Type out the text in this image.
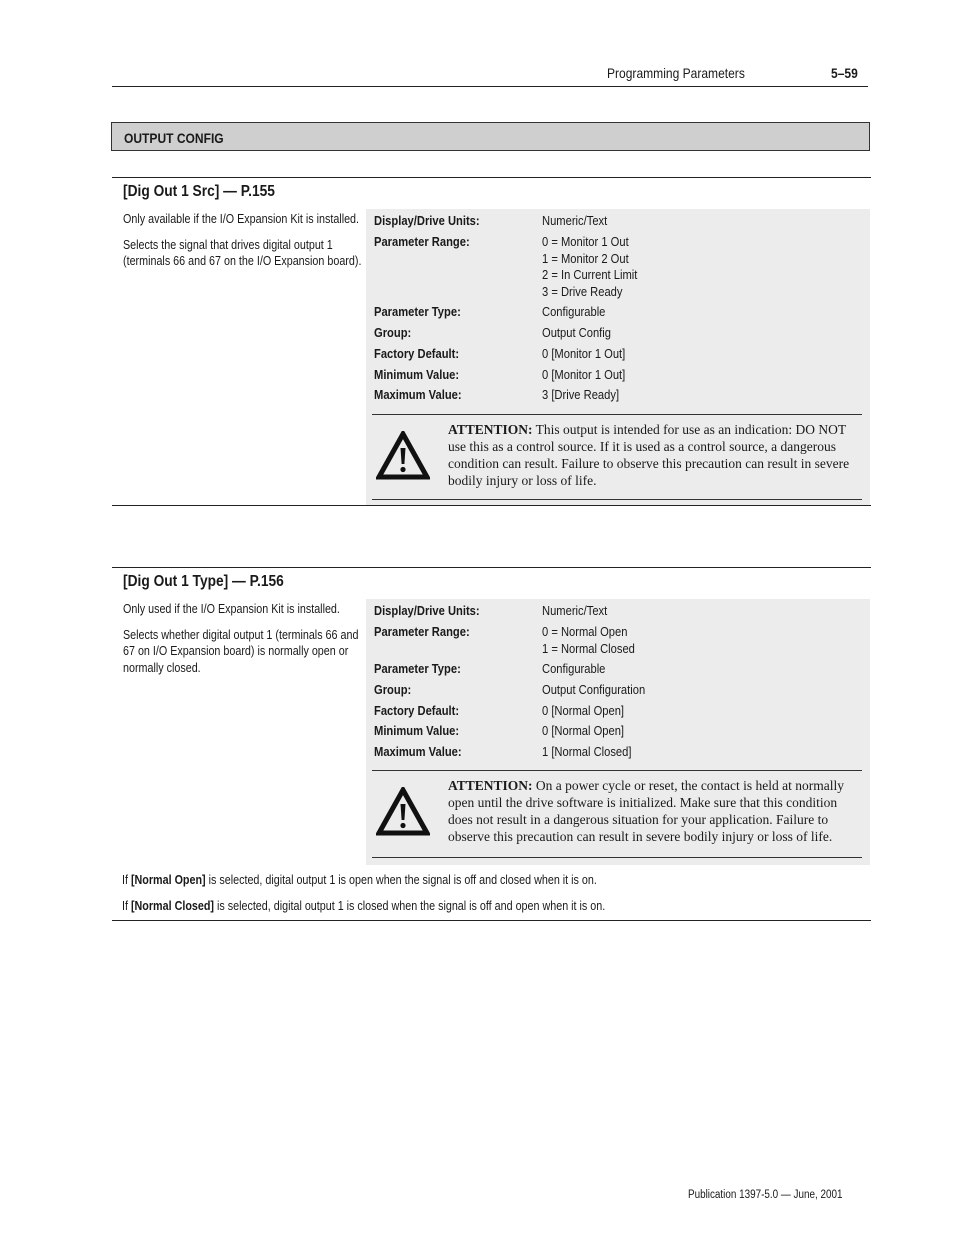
Programming Parameters	5–59
OUTPUT CONFIG
[Dig Out 1 Src] — P.155

Only available if the I/O Expansion Kit is installed.

Selects the signal that drives digital output 1 (terminals 66 and 67 on the I/O Expansion board).

Display/Drive Units:	Numeric/Text
Parameter Range:	0 = Monitor 1 Out
1 = Monitor 2 Out
2 = In Current Limit
3 = Drive Ready
Parameter Type:	Configurable
Group:	Output Config
Factory Default:	0 [Monitor 1 Out]
Minimum Value:	0 [Monitor 1 Out]
Maximum Value:	3 [Drive Ready]
ATTENTION: This output is intended for use as an indication: DO NOT use this as a control source. If it is used as a control source, a dangerous condition can result. Failure to observe this precaution can result in severe bodily injury or loss of life.
[Dig Out 1 Type] — P.156

Only used if the I/O Expansion Kit is installed.

Selects whether digital output 1 (terminals 66 and 67 on I/O Expansion board) is normally open or normally closed.

Display/Drive Units:	Numeric/Text
Parameter Range:	0 = Normal Open
1 = Normal Closed
Parameter Type:	Configurable
Group:	Output Configuration
Factory Default:	0 [Normal Open]
Minimum Value:	0 [Normal Open]
Maximum Value:	1 [Normal Closed]
ATTENTION: On a power cycle or reset, the contact is held at normally open until the drive software is initialized. Make sure that this condition does not result in a dangerous situation for your application. Failure to observe this precaution can result in severe bodily injury or loss of life.
If [Normal Open] is selected, digital output 1 is open when the signal is off and closed when it is on.
If [Normal Closed] is selected, digital output 1 is closed when the signal is off and open when it is on.
Publication 1397-5.0 — June, 2001
